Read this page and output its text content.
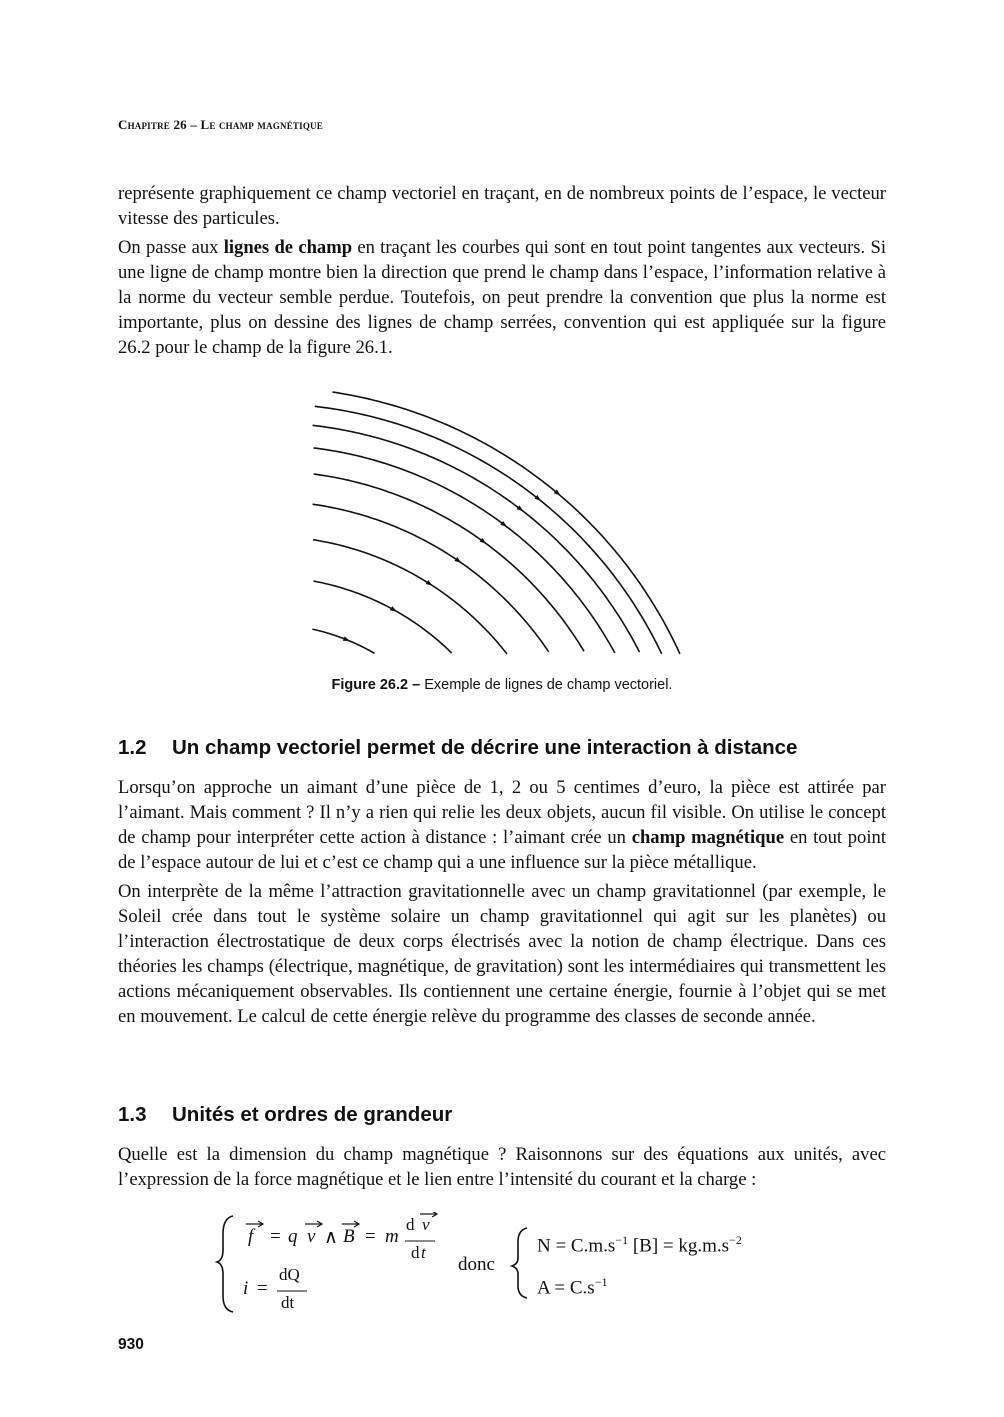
Chapitre 26 – Le champ magnétique

représente graphiquement ce champ vectoriel en traçant, en de nombreux points de l’espace, le vecteur vitesse des particules.

On passe aux lignes de champ en traçant les courbes qui sont en tout point tangentes aux vecteurs. Si une ligne de champ montre bien la direction que prend le champ dans l’espace, l’information relative à la norme du vecteur semble perdue. Toutefois, on peut prendre la convention que plus la norme est importante, plus on dessine des lignes de champ serrées, convention qui est appliquée sur la figure 26.2 pour le champ de la figure 26.1.

Figure 26.2 – Exemple de lignes de champ vectoriel.
1.2 Un champ vectoriel permet de décrire une interaction à distance

Lorsqu’on approche un aimant d’une pièce de 1, 2 ou 5 centimes d’euro, la pièce est attirée par l’aimant. Mais comment ? Il n’y a rien qui relie les deux objets, aucun fil visible. On utilise le concept de champ pour interpréter cette action à distance : l’aimant crée un champ magnétique en tout point de l’espace autour de lui et c’est ce champ qui a une influence sur la pièce métallique.

On interprète de la même l’attraction gravitationnelle avec un champ gravitationnel (par exemple, le Soleil crée dans tout le système solaire un champ gravitationnel qui agit sur les planètes) ou l’interaction électrostatique de deux corps électrisés avec la notion de champ électrique. Dans ces théories les champs (électrique, magnétique, de gravitation) sont les intermédiaires qui transmettent les actions mécaniquement observables. Ils contiennent une certaine énergie, fournie à l’objet qui se met en mouvement. Le calcul de cette énergie relève du programme des classes de seconde année.

1.3 Unités et ordres de grandeur

Quelle est la dimension du champ magnétique ? Raisonnons sur des équations aux unités, avec l’expression de la force magnétique et le lien entre l’intensité du courant et la charge :

f = q v ∧ B = m
d v
d t
i =
dQ
dt
donc
$N = C.m.s^{-1}$ $[B] = kg.m.s^{-2}$
$A = C.s^{-1}$
930
